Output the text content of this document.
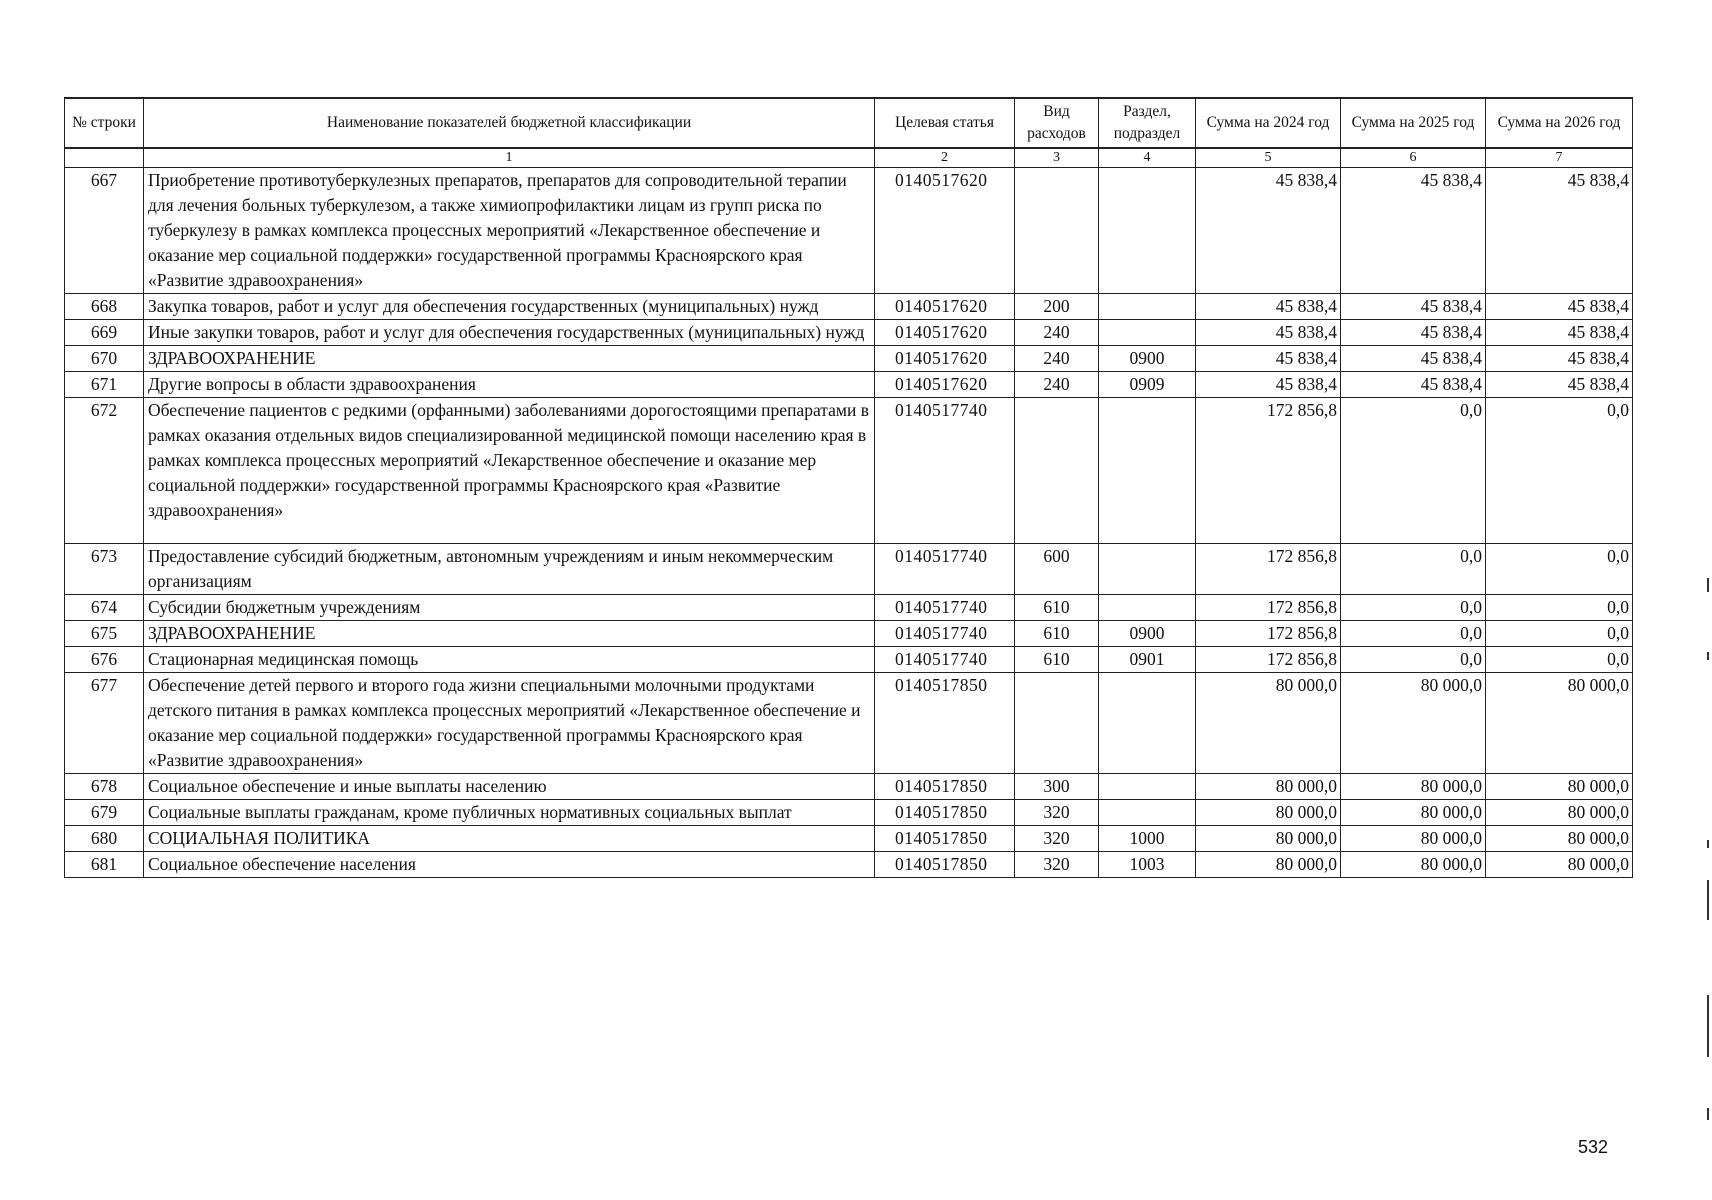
№ строки	Наименование показателей бюджетной классификации	Целевая статья	Вид расходов	Раздел, подраздел	Сумма на 2024 год	Сумма на 2025 год	Сумма на 2026 год
	1	2	3	4	5	6	7
667	Приобретение противотуберкулезных препаратов, препаратов для сопроводительной терапии для лечения больных туберкулезом, а также химиопрофилактики лицам из групп риска по туберкулезу в рамках комплекса процессных мероприятий «Лекарственное обеспечение и оказание мер социальной поддержки» государственной программы Красноярского края «Развитие здравоохранения»	0140517620			45 838,4	45 838,4	45 838,4
668	Закупка товаров, работ и услуг для обеспечения государственных (муниципальных) нужд	0140517620	200		45 838,4	45 838,4	45 838,4
669	Иные закупки товаров, работ и услуг для обеспечения государственных (муниципальных) нужд	0140517620	240		45 838,4	45 838,4	45 838,4
670	ЗДРАВООХРАНЕНИЕ	0140517620	240	0900	45 838,4	45 838,4	45 838,4
671	Другие вопросы в области здравоохранения	0140517620	240	0909	45 838,4	45 838,4	45 838,4
672	Обеспечение пациентов с редкими (орфанными) заболеваниями дорогостоящими препаратами в рамках оказания отдельных видов специализированной медицинской помощи населению края в рамках комплекса процессных мероприятий «Лекарственное обеспечение и оказание мер социальной поддержки» государственной программы Красноярского края «Развитие здравоохранения»	0140517740			172 856,8	0,0	0,0
673	Предоставление субсидий бюджетным, автономным учреждениям и иным некоммерческим организациям	0140517740	600		172 856,8	0,0	0,0
674	Субсидии бюджетным учреждениям	0140517740	610		172 856,8	0,0	0,0
675	ЗДРАВООХРАНЕНИЕ	0140517740	610	0900	172 856,8	0,0	0,0
676	Стационарная медицинская помощь	0140517740	610	0901	172 856,8	0,0	0,0
677	Обеспечение детей первого и второго года жизни специальными молочными продуктами детского питания в рамках комплекса процессных мероприятий «Лекарственное обеспечение и оказание мер социальной поддержки» государственной программы Красноярского края «Развитие здравоохранения»	0140517850			80 000,0	80 000,0	80 000,0
678	Социальное обеспечение и иные выплаты населению	0140517850	300		80 000,0	80 000,0	80 000,0
679	Социальные выплаты гражданам, кроме публичных нормативных социальных выплат	0140517850	320		80 000,0	80 000,0	80 000,0
680	СОЦИАЛЬНАЯ ПОЛИТИКА	0140517850	320	1000	80 000,0	80 000,0	80 000,0
681	Социальное обеспечение населения	0140517850	320	1003	80 000,0	80 000,0	80 000,0
532
